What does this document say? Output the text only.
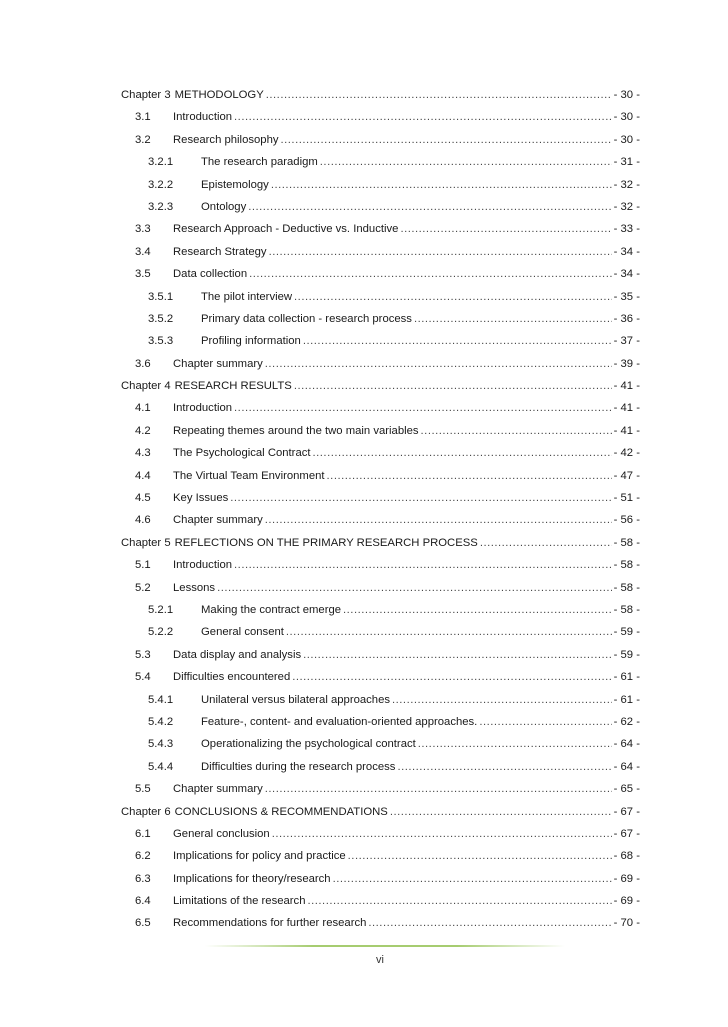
Chapter 3 METHODOLOGY .....	- 30 -
3.1	Introduction .....	- 30 -
3.2	Research philosophy .....	- 30 -
3.2.1	The research paradigm .....	- 31 -
3.2.2	Epistemology .....	- 32 -
3.2.3	Ontology .....	- 32 -
3.3	Research Approach - Deductive vs. Inductive .....	- 33 -
3.4	Research Strategy .....	- 34 -
3.5	Data collection .....	- 34 -
3.5.1	The pilot interview .....	- 35 -
3.5.2	Primary data collection - research process .....	- 36 -
3.5.3	Profiling information .....	- 37 -
3.6	Chapter summary .....	- 39 -
Chapter 4 RESEARCH RESULTS .....	- 41 -
4.1	Introduction .....	- 41 -
4.2	Repeating themes around the two main variables .....	- 41 -
4.3	The Psychological Contract .....	- 42 -
4.4	The Virtual Team Environment .....	- 47 -
4.5	Key Issues .....	- 51 -
4.6	Chapter summary .....	- 56 -
Chapter 5 REFLECTIONS ON THE PRIMARY RESEARCH PROCESS .....	- 58 -
5.1	Introduction .....	- 58 -
5.2	Lessons .....	- 58 -
5.2.1	Making the contract emerge .....	- 58 -
5.2.2	General consent .....	- 59 -
5.3	Data display and analysis .....	- 59 -
5.4	Difficulties encountered .....	- 61 -
5.4.1	Unilateral versus bilateral approaches .....	- 61 -
5.4.2	Feature-, content- and evaluation-oriented approaches. .....	- 62 -
5.4.3	Operationalizing the psychological contract .....	- 64 -
5.4.4	Difficulties during the research process .....	- 64 -
5.5	Chapter summary .....	- 65 -
Chapter 6 CONCLUSIONS & RECOMMENDATIONS .....	- 67 -
6.1	General conclusion .....	- 67 -
6.2	Implications for policy and practice .....	- 68 -
6.3	Implications for theory/research .....	- 69 -
6.4	Limitations of the research .....	- 69 -
6.5	Recommendations for further research .....	- 70 -
vi
